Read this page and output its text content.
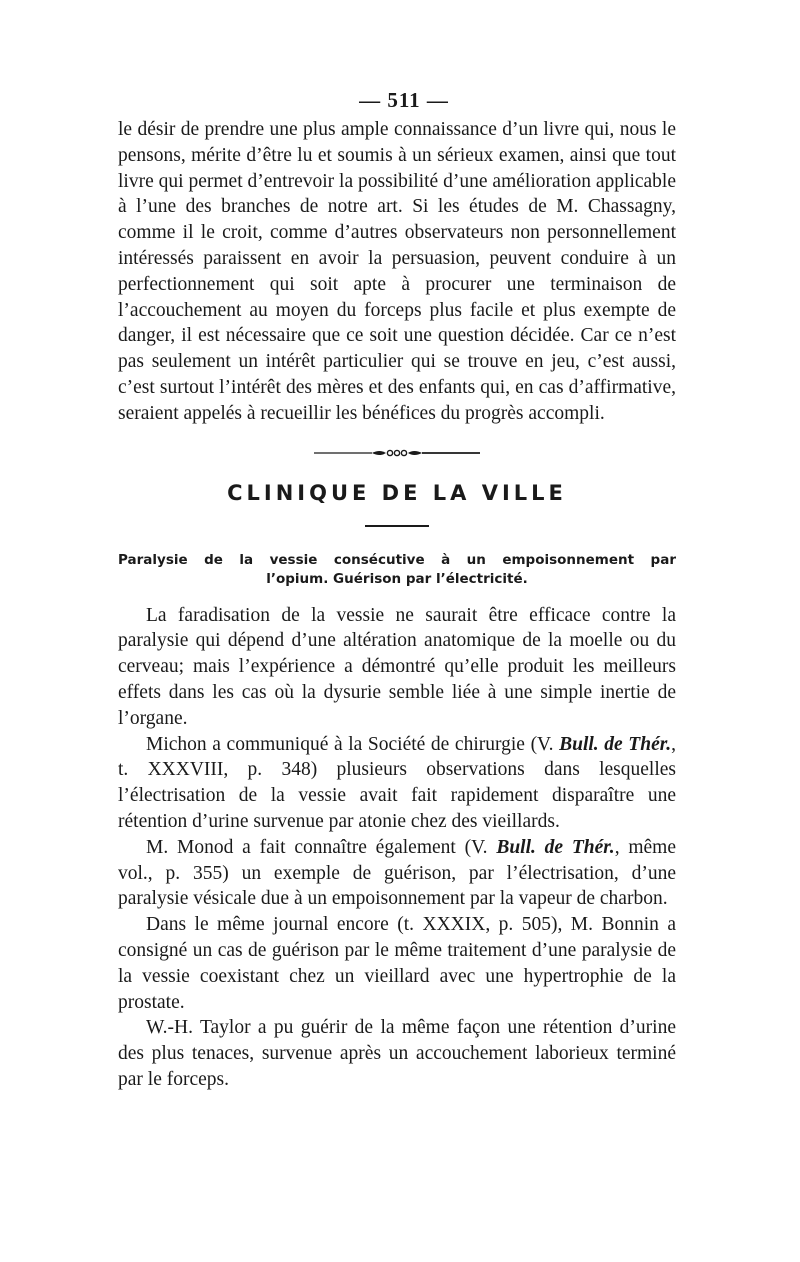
— 511 —

le désir de prendre une plus ample connaissance d’un livre qui, nous le pensons, mérite d’être lu et soumis à un sérieux examen, ainsi que tout livre qui permet d’entrevoir la possibilité d’une amélioration applicable à l’une des branches de notre art. Si les études de M. Chassagny, comme il le croit, comme d’autres observateurs non personnellement intéressés paraissent en avoir la persuasion, peuvent conduire à un perfectionnement qui soit apte à procurer une terminaison de l’accouchement au moyen du forceps plus facile et plus exempte de danger, il est nécessaire que ce soit une question décidée. Car ce n’est pas seulement un intérêt particulier qui se trouve en jeu, c’est aussi, c’est surtout l’intérêt des mères et des enfants qui, en cas d’affirmative, seraient appelés à recueillir les bénéfices du progrès accompli.

CLINIQUE DE LA VILLE
Paralysie de la vessie consécutive à un empoisonnement par
l’opium. Guérison par l’électricité.

La faradisation de la vessie ne saurait être efficace contre la paralysie qui dépend d’une altération anatomique de la moelle ou du cerveau; mais l’expérience a démontré qu’elle produit les meilleurs effets dans les cas où la dysurie semble liée à une simple inertie de l’organe.

Michon a communiqué à la Société de chirurgie (V. Bull. de Thér., t. XXXVIII, p. 348) plusieurs observations dans lesquelles l’électrisation de la vessie avait fait rapidement disparaître une rétention d’urine survenue par atonie chez des vieillards.

M. Monod a fait connaître également (V. Bull. de Thér., même vol., p. 355) un exemple de guérison, par l’électrisation, d’une paralysie vésicale due à un empoisonnement par la vapeur de charbon.

Dans le même journal encore (t. XXXIX, p. 505), M. Bonnin a consigné un cas de guérison par le même traitement d’une paralysie de la vessie coexistant chez un vieillard avec une hypertrophie de la prostate.

W.-H. Taylor a pu guérir de la même façon une rétention d’urine des plus tenaces, survenue après un accouchement laborieux terminé par le forceps.
